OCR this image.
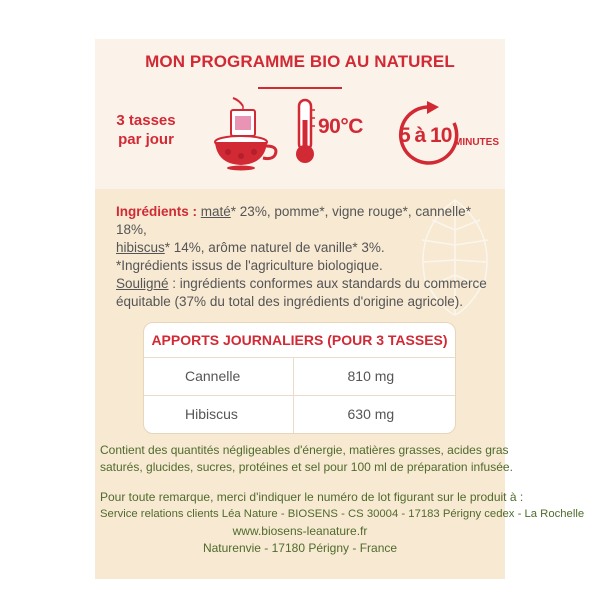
MON PROGRAMME BIO AU NATUREL
3 tasses
par jour
90°C 5 à 10 MINUTES

Ingrédients : maté* 23%, pomme*, vigne rouge*, cannelle* 18%,

hibiscus* 14%, arôme naturel de vanille* 3%.

*Ingrédients issus de l'agriculture biologique.

Souligné : ingrédients conformes aux standards du commerce

équitable (37% du total des ingrédients d'origine agricole).

APPORTS JOURNALIERS (POUR 3 TASSES)
Cannelle	810 mg
Hibiscus	630 mg
Contient des quantités négligeables d'énergie, matières grasses, acides gras
saturés, glucides, sucres, protéines et sel pour 100 ml de préparation infusée.
Pour toute remarque, merci d'indiquer le numéro de lot figurant sur le produit à :
Service relations clients Léa Nature - BIOSENS - CS 30004 - 17183 Périgny cedex - La Rochelle
www.biosens-leanature.fr
Naturenvie - 17180 Périgny - France
